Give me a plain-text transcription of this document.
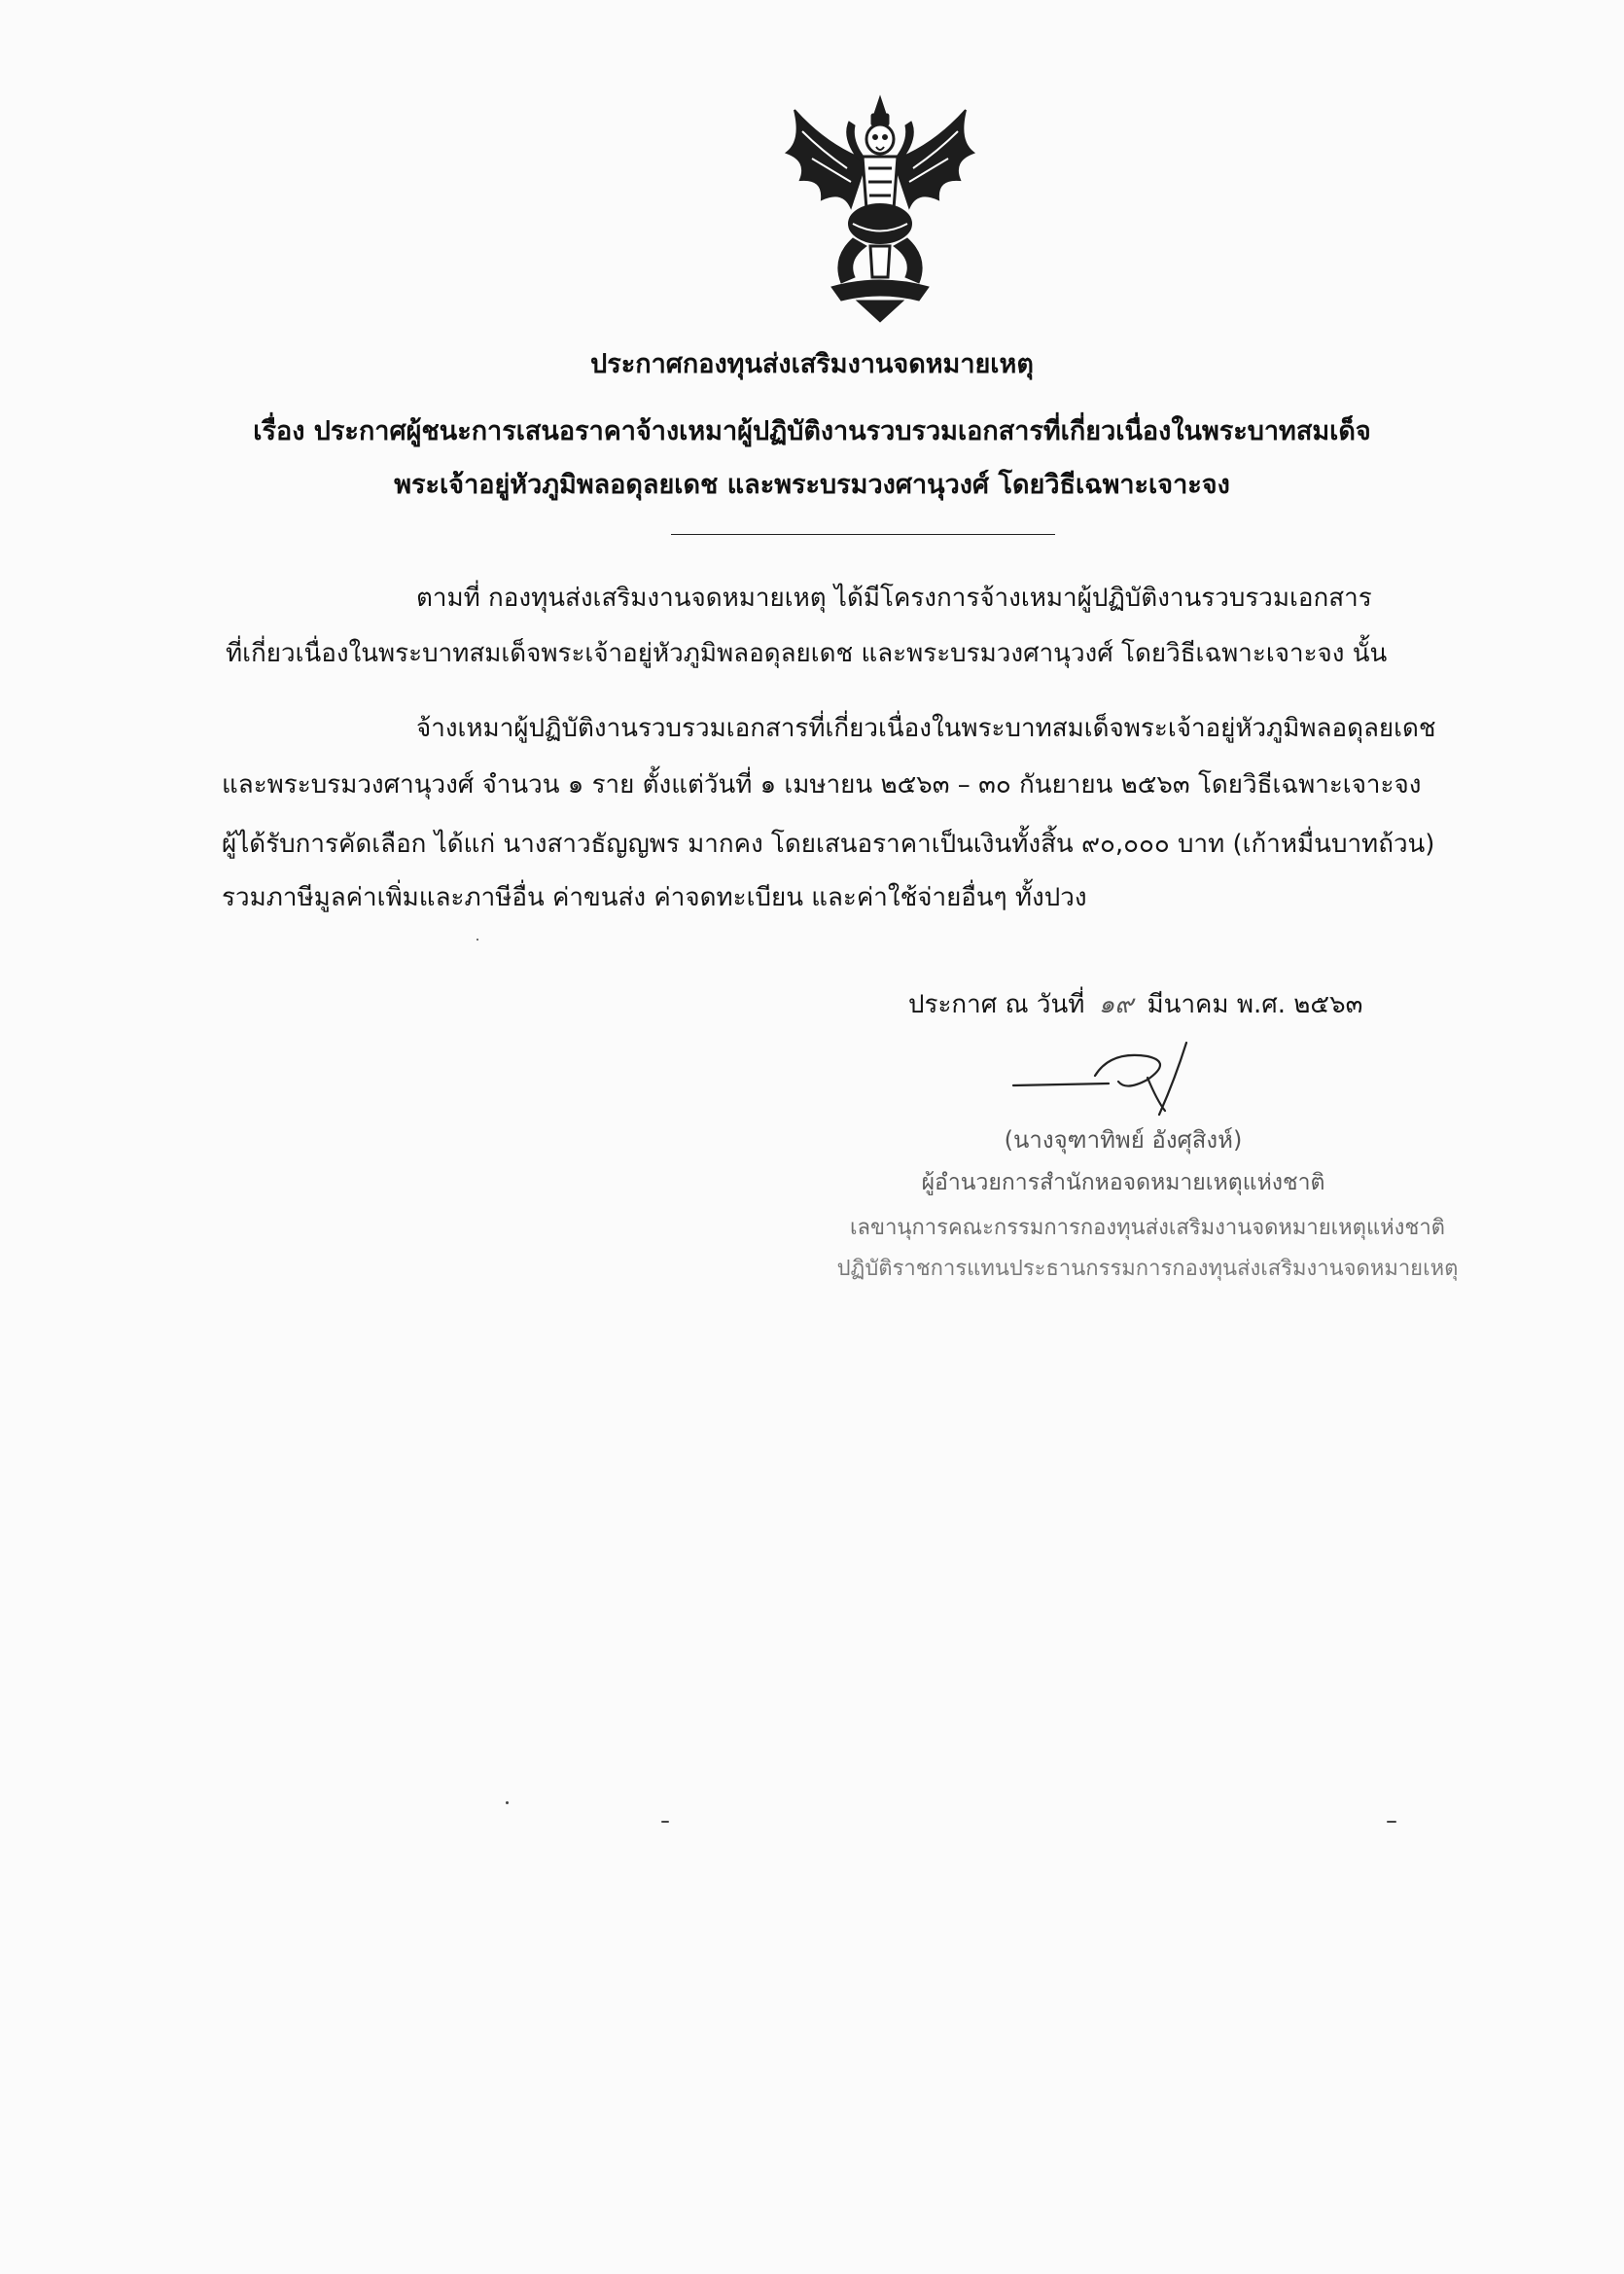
ประกาศกองทุนส่งเสริมงานจดหมายเหตุ
เรื่อง ประกาศผู้ชนะการเสนอราคาจ้างเหมาผู้ปฏิบัติงานรวบรวมเอกสารที่เกี่ยวเนื่องในพระบาทสมเด็จ
พระเจ้าอยู่หัวภูมิพลอดุลยเดช และพระบรมวงศานุวงศ์ โดยวิธีเฉพาะเจาะจง
ตามที่ กองทุนส่งเสริมงานจดหมายเหตุ ได้มีโครงการจ้างเหมาผู้ปฏิบัติงานรวบรวมเอกสาร
ที่เกี่ยวเนื่องในพระบาทสมเด็จพระเจ้าอยู่หัวภูมิพลอดุลยเดช และพระบรมวงศานุวงศ์ โดยวิธีเฉพาะเจาะจง นั้น
จ้างเหมาผู้ปฏิบัติงานรวบรวมเอกสารที่เกี่ยวเนื่องในพระบาทสมเด็จพระเจ้าอยู่หัวภูมิพลอดุลยเดช
และพระบรมวงศานุวงศ์ จำนวน ๑ ราย ตั้งแต่วันที่ ๑ เมษายน ๒๕๖๓ – ๓๐ กันยายน ๒๕๖๓ โดยวิธีเฉพาะเจาะจง
ผู้ได้รับการคัดเลือก ได้แก่ นางสาวธัญญพร มากคง โดยเสนอราคาเป็นเงินทั้งสิ้น ๙๐,๐๐๐ บาท (เก้าหมื่นบาทถ้วน)
รวมภาษีมูลค่าเพิ่มและภาษีอื่น ค่าขนส่ง ค่าจดทะเบียน และค่าใช้จ่ายอื่นๆ ทั้งปวง
ประกาศ ณ วันที่ ๑๙ มีนาคม พ.ศ. ๒๕๖๓
(นางจุฑาทิพย์ อังศุสิงห์)
ผู้อำนวยการสำนักหอจดหมายเหตุแห่งชาติ
เลขานุการคณะกรรมการกองทุนส่งเสริมงานจดหมายเหตุแห่งชาติ
ปฏิบัติราชการแทนประธานกรรมการกองทุนส่งเสริมงานจดหมายเหตุ
